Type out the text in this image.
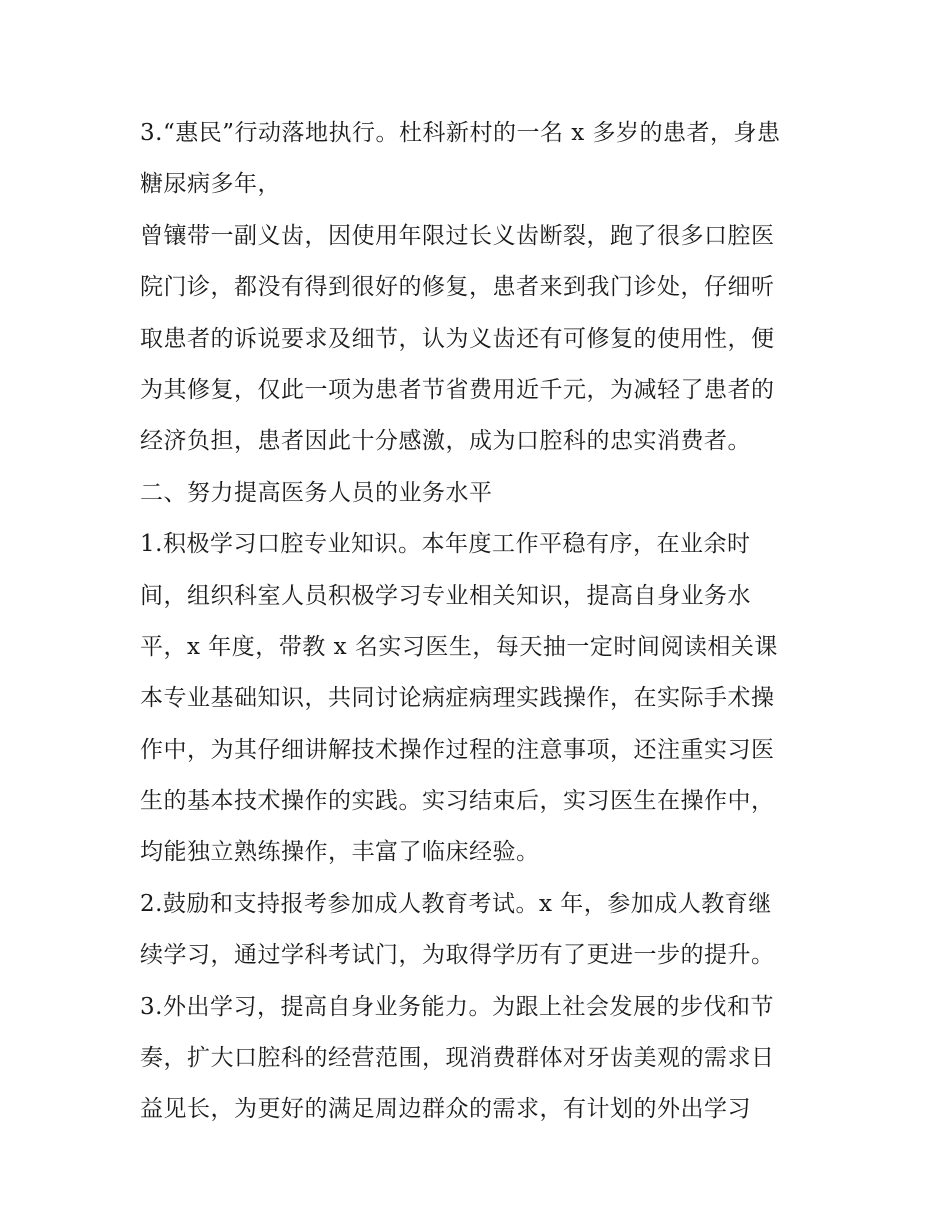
3.“惠民”行动落地执行。杜科新村的一名 x 多岁的患者，身患
糖尿病多年，
曾镶带一副义齿，因使用年限过长义齿断裂，跑了很多口腔医
院门诊，都没有得到很好的修复，患者来到我门诊处，仔细听
取患者的诉说要求及细节，认为义齿还有可修复的使用性，便
为其修复，仅此一项为患者节省费用近千元，为减轻了患者的
经济负担，患者因此十分感激，成为口腔科的忠实消费者。
二、努力提高医务人员的业务水平
1.积极学习口腔专业知识。本年度工作平稳有序，在业余时
间，组织科室人员积极学习专业相关知识，提高自身业务水
平，x 年度，带教 x 名实习医生，每天抽一定时间阅读相关课
本专业基础知识，共同讨论病症病理实践操作，在实际手术操
作中，为其仔细讲解技术操作过程的注意事项，还注重实习医
生的基本技术操作的实践。实习结束后，实习医生在操作中，
均能独立熟练操作，丰富了临床经验。
2.鼓励和支持报考参加成人教育考试。x 年，参加成人教育继
续学习，通过学科考试门，为取得学历有了更进一步的提升。
3.外出学习，提高自身业务能力。为跟上社会发展的步伐和节
奏，扩大口腔科的经营范围，现消费群体对牙齿美观的需求日
益见长，为更好的满足周边群众的需求，有计划的外出学习
